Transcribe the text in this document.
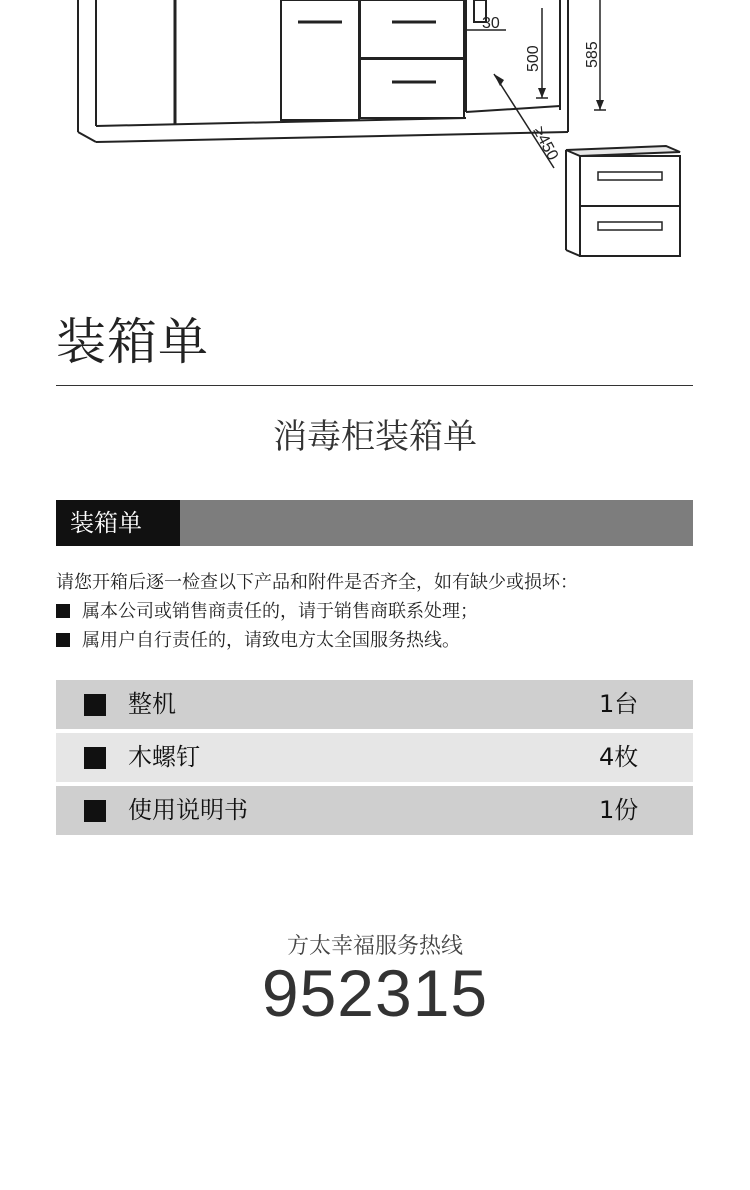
30
500	585
≥450
装箱单
消毒柜装箱单
装箱单
请您开箱后逐一检查以下产品和附件是否齐全，如有缺少或损坏：
属本公司或销售商责任的，请于销售商联系处理；
属用户自行责任的，请致电方太全国服务热线。
整机	1台
木螺钉	4枚
使用说明书	1份
方太幸福服务热线
952315
